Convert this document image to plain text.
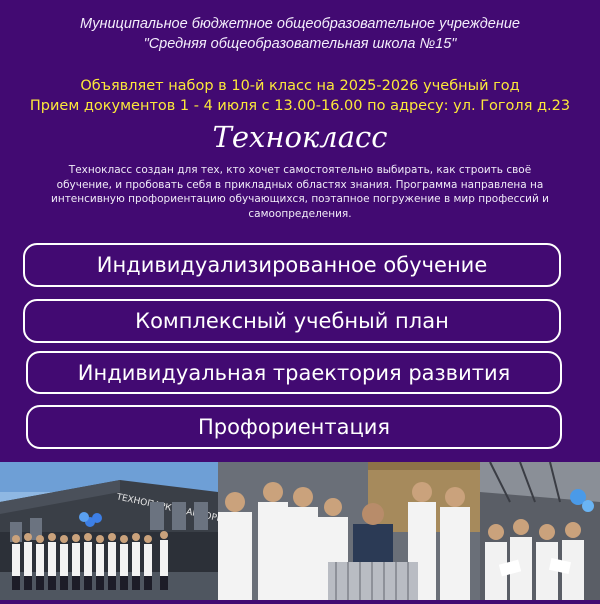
Муниципальное бюджетное общеобразовательное учреждение
"Средняя общеобразовательная школа №15"
Объявляет набор в 10-й класс на 2025-2026 учебный год
Прием документов 1 - 4 июля с 13.00-16.00 по адресу: ул. Гоголя д.23
Технокласс
Технокласс создан для тех, кто хочет самостоятельно выбирать, как строить своё обучение, и пробовать себя в прикладных областях знания. Программа направлена на интенсивную профориентацию обучающихся, поэтапное погружение в мир профессий и самоопределения.
Индивидуализированное обучение
Комплексный учебный план
Индивидуальная траектория развития
Профориентация
ТЕХНОПАРК
